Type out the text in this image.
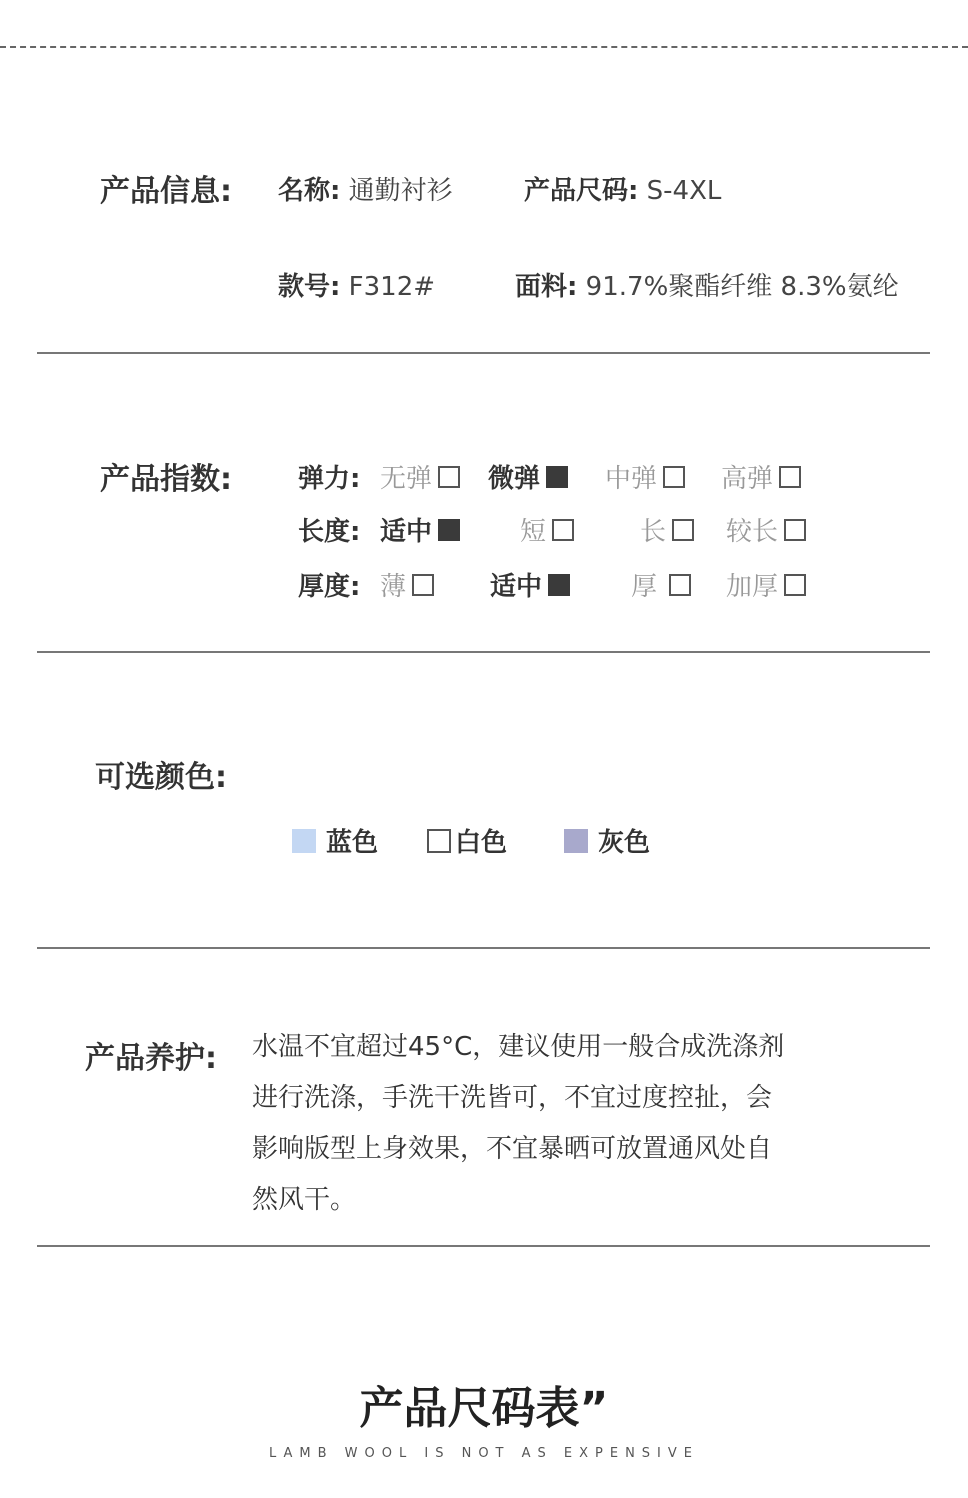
产品信息: 名称: 通勤衬衫	产品尺码: S-4XL
款号: F312#	面料: 91.7%聚酯纤维 8.3%氨纶
产品指数:	弹力: 无弹 微弹 中弹 高弹
长度: 适中	短	长 较长
厚度: 薄	适中	厚	加厚
可选颜色:
蓝色	白色	灰色
产品养护: 水温不宜超过45°C，建议使用一般合成洗涤剂
进行洗涤，手洗干洗皆可，不宜过度控扯，会
影响版型上身效果，不宜暴晒可放置通风处自
然风干。
产品尺码表”
LAMB WOOL IS NOT AS EXPENSIVE
